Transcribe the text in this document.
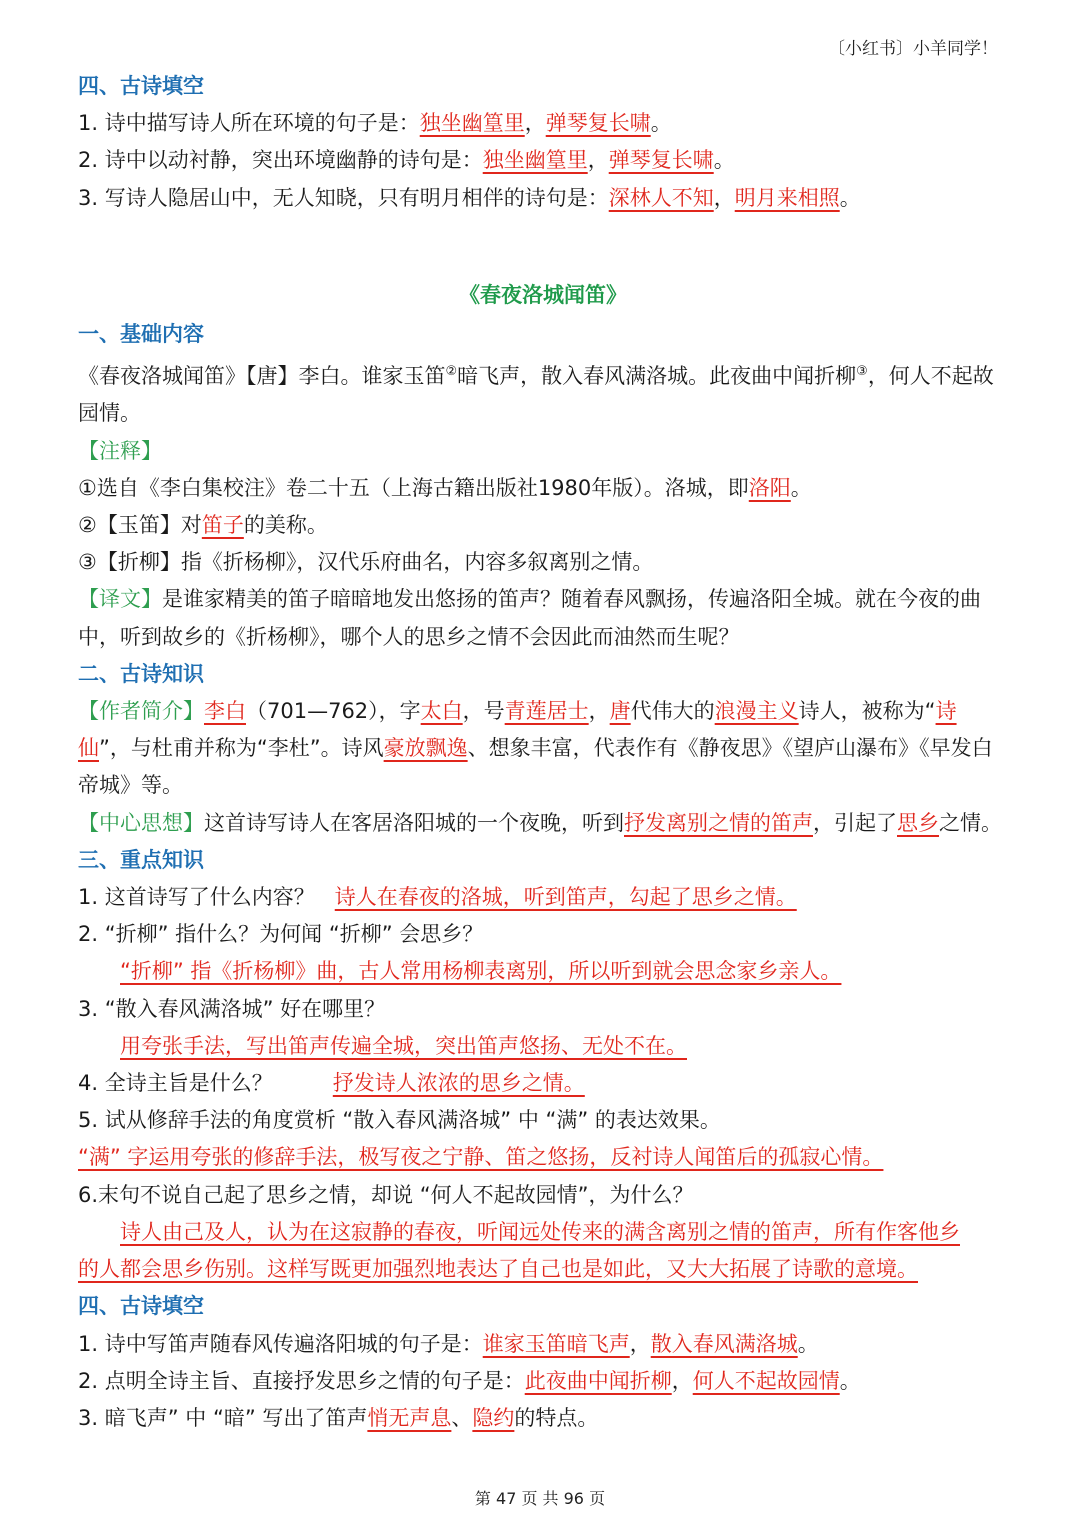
〔小红书〕小羊同学！

四、古诗填空

1. 诗中描写诗人所在环境的句子是：独坐幽篁里，弹琴复长啸。

2. 诗中以动衬静，突出环境幽静的诗句是：独坐幽篁里，弹琴复长啸。

3. 写诗人隐居山中，无人知晓，只有明月相伴的诗句是：深林人不知，明月来相照。

《春夜洛城闻笛》

一、基础内容

《春夜洛城闻笛》【唐】李白。谁家玉笛②暗飞声，散入春风满洛城。此夜曲中闻折柳③，何人不起故园情。

【注释】

①选自《李白集校注》卷二十五（上海古籍出版社1980年版）。洛城，即洛阳。

②【玉笛】对笛子的美称。

③【折柳】指《折杨柳》，汉代乐府曲名，内容多叙离别之情。

【译文】是谁家精美的笛子暗暗地发出悠扬的笛声？随着春风飘扬，传遍洛阳全城。就在今夜的曲中，听到故乡的《折杨柳》，哪个人的思乡之情不会因此而油然而生呢？

二、古诗知识

【作者简介】李白（701—762），字太白，号青莲居士，唐代伟大的浪漫主义诗人，被称为“诗仙”，与杜甫并称为“李杜”。诗风豪放飘逸、想象丰富，代表作有《静夜思》《望庐山瀑布》《早发白帝城》等。

【中心思想】这首诗写诗人在客居洛阳城的一个夜晚，听到抒发离别之情的笛声，引起了思乡之情。

三、重点知识

1. 这首诗写了什么内容？ 诗人在春夜的洛城，听到笛声，勾起了思乡之情。

2. “折柳” 指什么？为何闻 “折柳” 会思乡？

“折柳” 指《折杨柳》曲，古人常用杨柳表离别，所以听到就会思念家乡亲人。

3. “散入春风满洛城” 好在哪里？

用夸张手法，写出笛声传遍全城，突出笛声悠扬、无处不在。

4. 全诗主旨是什么？	抒发诗人浓浓的思乡之情。

5. 试从修辞手法的角度赏析 “散入春风满洛城” 中 “满” 的表达效果。

“满” 字运用夸张的修辞手法，极写夜之宁静、笛之悠扬，反衬诗人闻笛后的孤寂心情。

6.末句不说自己起了思乡之情，却说 “何人不起故园情”，为什么？

诗人由己及人，认为在这寂静的春夜，听闻远处传来的满含离别之情的笛声，所有作客他乡

的人都会思乡伤别。这样写既更加强烈地表达了自己也是如此，又大大拓展了诗歌的意境。

四、古诗填空

1. 诗中写笛声随春风传遍洛阳城的句子是：谁家玉笛暗飞声，散入春风满洛城。

2. 点明全诗主旨、直接抒发思乡之情的句子是：此夜曲中闻折柳，何人不起故园情。

3. 暗飞声” 中 “暗” 写出了笛声悄无声息、隐约的特点。

第 47 页 共 96 页
